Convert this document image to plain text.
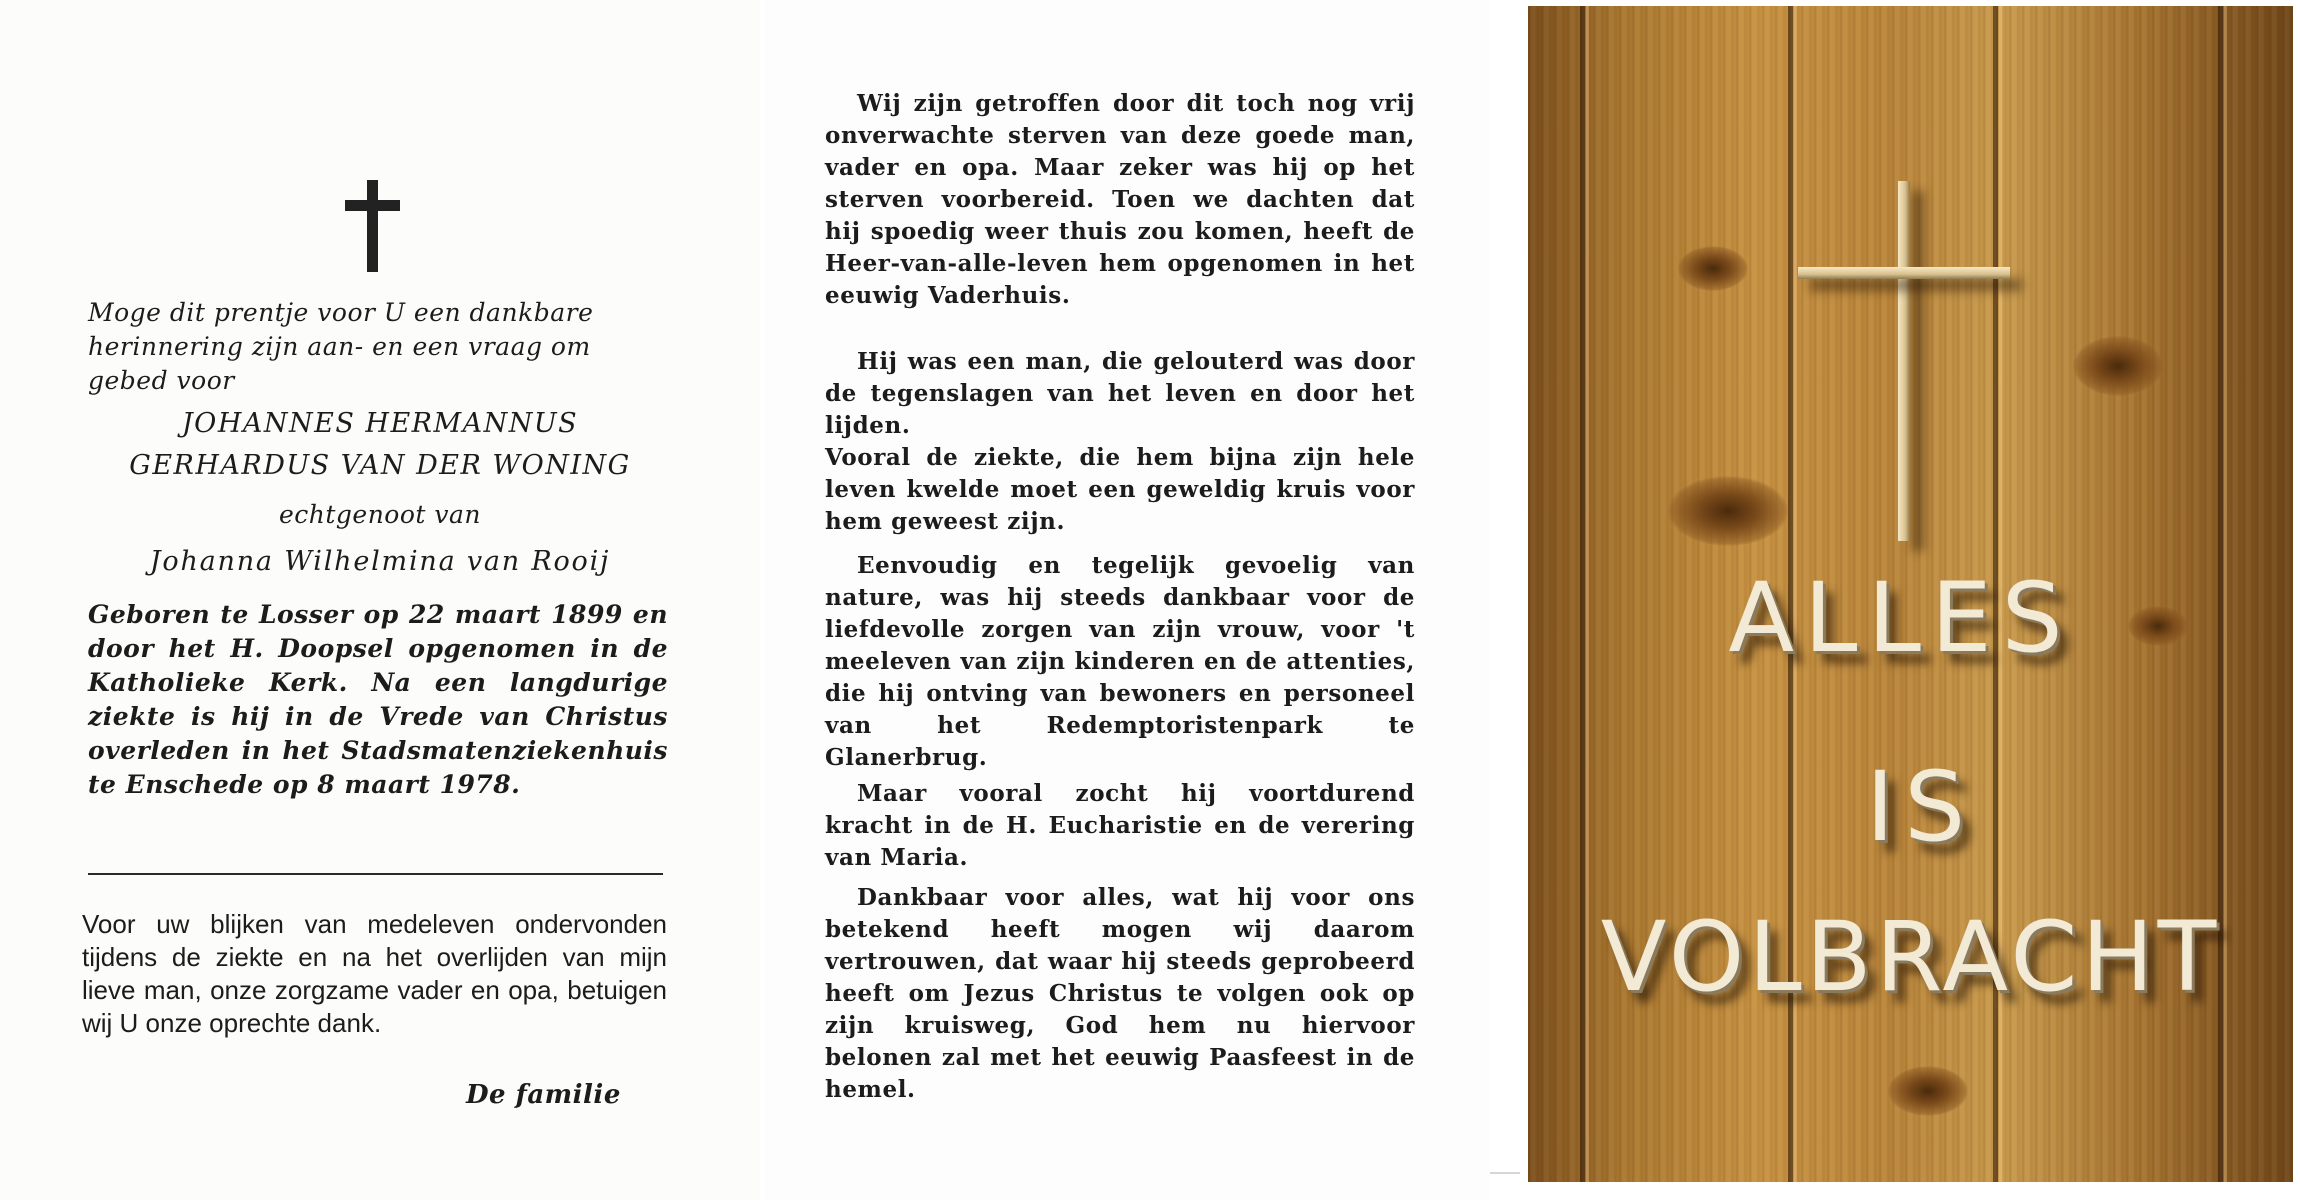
Moge dit prentje voor U een dankbare herinnering zijn aan- en een vraag om gebed voor

JOHANNES HERMANNUS

GERHARDUS VAN DER WONING

echtgenoot van

Johanna Wilhelmina van Rooij

Geboren te Losser op 22 maart 1899 en door het H. Doopsel opgenomen in de Katholieke Kerk. Na een langdurige ziekte is hij in de Vrede van Christus overleden in het Stadsmatenziekenhuis te Enschede op 8 maart 1978.

Voor uw blijken van medeleven ondervonden tijdens de ziekte en na het overlijden van mijn lieve man, onze zorgzame vader en opa, betuigen wij U onze oprechte dank.

De familie

Wij zijn getroffen door dit toch nog vrij onverwachte sterven van deze goede man, vader en opa. Maar zeker was hij op het sterven voorbereid. Toen we dachten dat hij spoedig weer thuis zou komen, heeft de Heer-van-alle-leven hem opgenomen in het eeuwig Vaderhuis.

Hij was een man, die gelouterd was door de tegenslagen van het leven en door het lijden.

Vooral de ziekte, die hem bijna zijn hele leven kwelde moet een geweldig kruis voor hem geweest zijn.

Eenvoudig en tegelijk gevoelig van nature, was hij steeds dankbaar voor de liefdevolle zorgen van zijn vrouw, voor 't meeleven van zijn kinderen en de attenties, die hij ontving van bewoners en personeel van het Redemptoristenpark te Glanerbrug.

Maar vooral zocht hij voortdurend kracht in de H. Eucharistie en de verering van Maria.

Dankbaar voor alles, wat hij voor ons betekend heeft mogen wij daarom vertrouwen, dat waar hij steeds geprobeerd heeft om Jezus Christus te volgen ook op zijn kruisweg, God hem nu hiervoor belonen zal met het eeuwig Paasfeest in de hemel.

ALLES

IS

VOLBRACHT
